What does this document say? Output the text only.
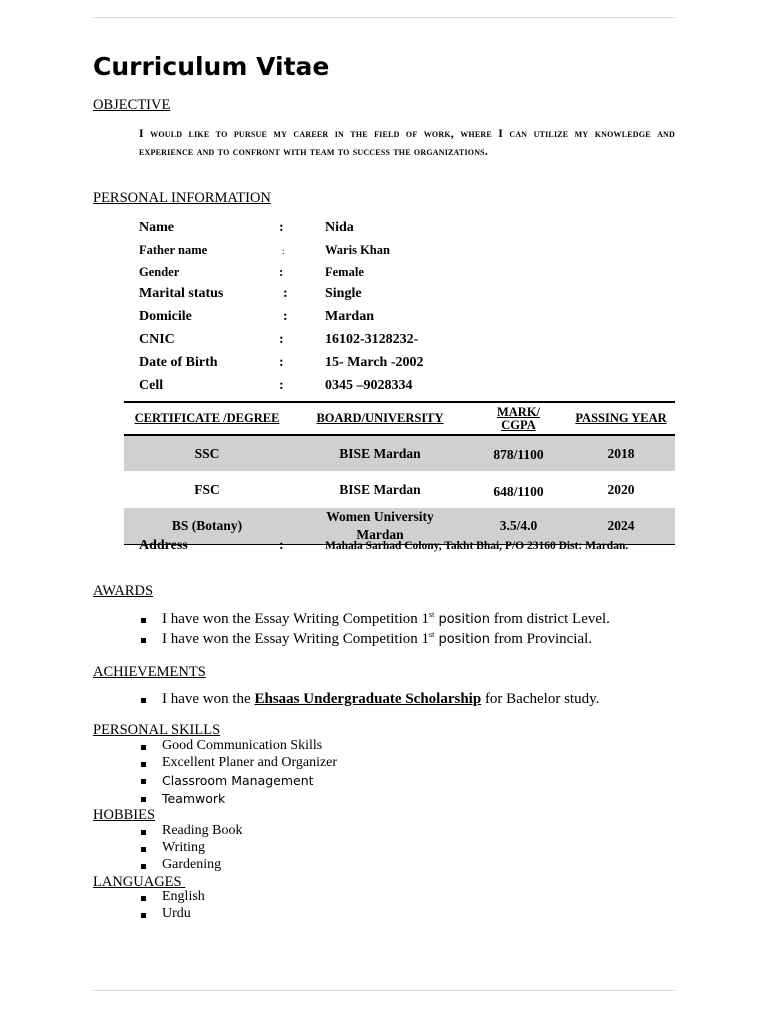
Curriculum Vitae
OBJECTIVE

I would like to pursue my career in the field of work, where I can utilize my knowledge and experience and to confront with team to success the organizations.

PERSONAL INFORMATION
Name	:	Nida
Father name	:	Waris Khan
Gender	:	Female
Marital status	:	Single
Domicile	:	Mardan
CNIC	:	16102-3128232-
Date of Birth	:	15- March -2002
Cell	:	0345 –9028334
CERTIFICATE /DEGREE	BOARD/UNIVERSITY	MARK/ CGPA	PASSING YEAR
SSC	BISE Mardan	878/1100	2018
FSC	BISE Mardan	648/1100	2020
BS (Botany)	Women University Mardan	3.5/4.0	2024
Address	:	Mahala Sarhad Colony, Takht Bhai, P/O 23160 Dist: Mardan.
AWARDS
I have won the Essay Writing Competition 1st position from district Level.
I have won the Essay Writing Competition 1st position from Provincial.
ACHIEVEMENTS
I have won the Ehsaas Undergraduate Scholarship for Bachelor study.
PERSONAL SKILLS
Good Communication Skills
Excellent Planer and Organizer
Classroom Management
Teamwork
HOBBIES
Reading Book
Writing
Gardening
LANGUAGES
English
Urdu
